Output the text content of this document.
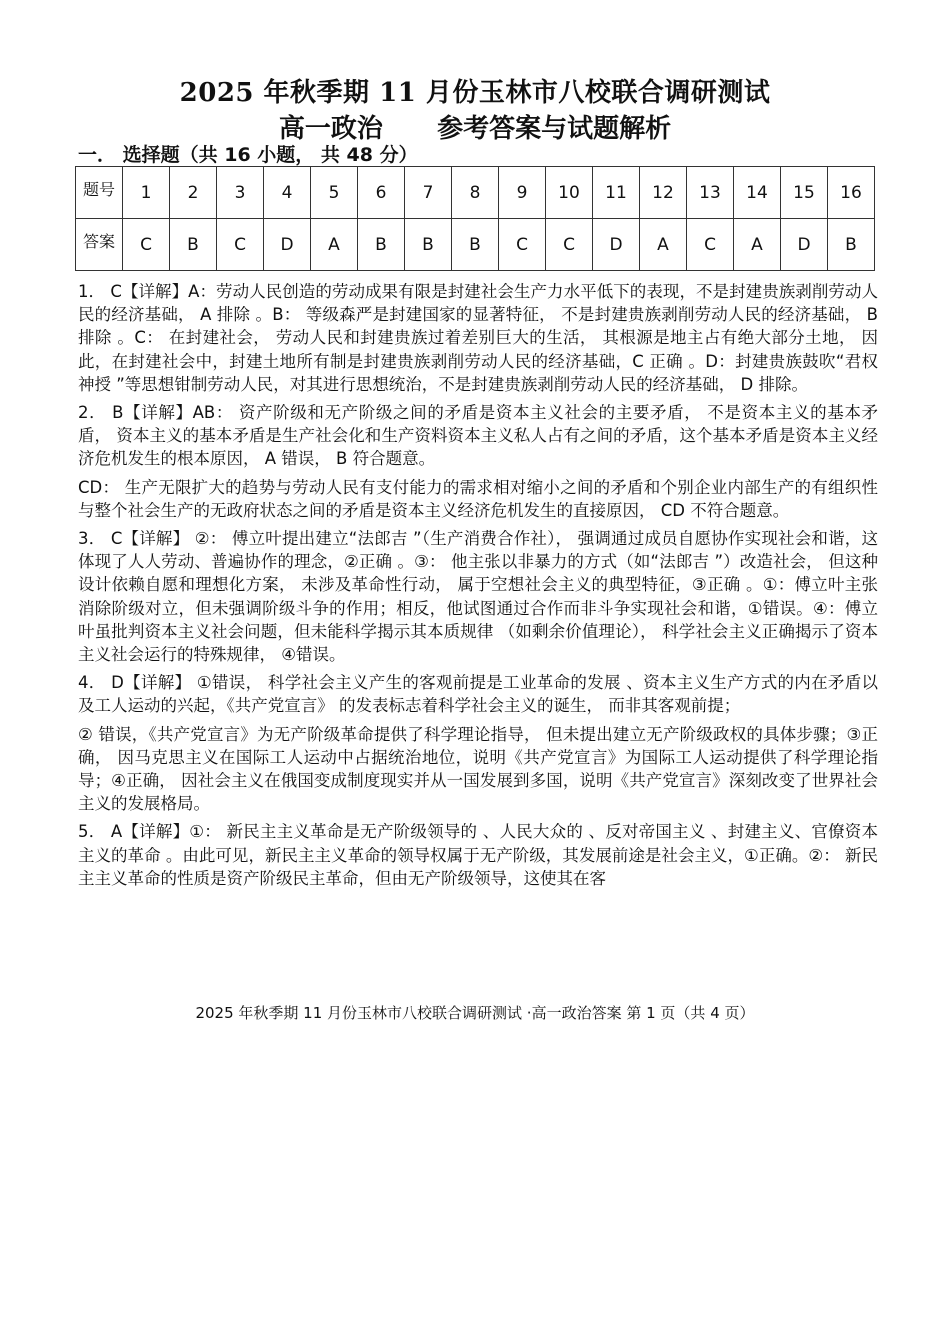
2025 年秋季期 11 月份玉林市八校联合调研测试
高一政治      参考答案与试题解析
一． 选择题（共 16 小题， 共 48 分）
题号	1	2	3	4	5	6	7	8	9	10	11	12	13	14	15	16
答案	C	B	C	D	A	B	B	B	C	C	D	A	C	A	D	B

1． C【详解】A：劳动人民创造的劳动成果有限是封建社会生产力水平低下的表现，不是封建贵族剥削劳动人民的经济基础， A 排除 。B： 等级森严是封建国家的显著特征， 不是封建贵族剥削劳动人民的经济基础， B 排除 。C： 在封建社会， 劳动人民和封建贵族过着差别巨大的生活， 其根源是地主占有绝大部分土地， 因此，在封建社会中，封建土地所有制是封建贵族剥削劳动人民的经济基础，C 正确 。D：封建贵族鼓吹“君权神授 ”等思想钳制劳动人民，对其进行思想统治，不是封建贵族剥削劳动人民的经济基础， D 排除。

2． B【详解】AB： 资产阶级和无产阶级之间的矛盾是资本主义社会的主要矛盾， 不是资本主义的基本矛盾， 资本主义的基本矛盾是生产社会化和生产资料资本主义私人占有之间的矛盾，这个基本矛盾是资本主义经济危机发生的根本原因， A 错误， B 符合题意。

CD： 生产无限扩大的趋势与劳动人民有支付能力的需求相对缩小之间的矛盾和个别企业内部生产的有组织性与整个社会生产的无政府状态之间的矛盾是资本主义经济危机发生的直接原因， CD 不符合题意。

3． C【详解】 ②： 傅立叶提出建立“法郎吉 ”（生产消费合作社）， 强调通过成员自愿协作实现社会和谐，这体现了人人劳动、普遍协作的理念，②正确 。③： 他主张以非暴力的方式（如“法郎吉 ”）改造社会， 但这种设计依赖自愿和理想化方案， 未涉及革命性行动， 属于空想社会主义的典型特征，③正确 。①：傅立叶主张消除阶级对立，但未强调阶级斗争的作用；相反，他试图通过合作而非斗争实现社会和谐，①错误。④：傅立叶虽批判资本主义社会问题，但未能科学揭示其本质规律 （如剩余价值理论）， 科学社会主义正确揭示了资本主义社会运行的特殊规律， ④错误。

4． D【详解】 ①错误， 科学社会主义产生的客观前提是工业革命的发展 、资本主义生产方式的内在矛盾以及工人运动的兴起，《共产党宣言》 的发表标志着科学社会主义的诞生， 而非其客观前提；

② 错误，《共产党宣言》为无产阶级革命提供了科学理论指导， 但未提出建立无产阶级政权的具体步骤；③正确， 因马克思主义在国际工人运动中占据统治地位，说明《共产党宣言》为国际工人运动提供了科学理论指导；④正确， 因社会主义在俄国变成制度现实并从一国发展到多国，说明《共产党宣言》深刻改变了世界社会主义的发展格局。

5． A【详解】①： 新民主主义革命是无产阶级领导的 、人民大众的 、反对帝国主义 、封建主义、官僚资本主义的革命 。由此可见，新民主主义革命的领导权属于无产阶级，其发展前途是社会主义，①正确。②： 新民主主义革命的性质是资产阶级民主革命，但由无产阶级领导，这使其在客

2025 年秋季期 11 月份玉林市八校联合调研测试 ·高一政治答案 第 1 页（共 4 页）
